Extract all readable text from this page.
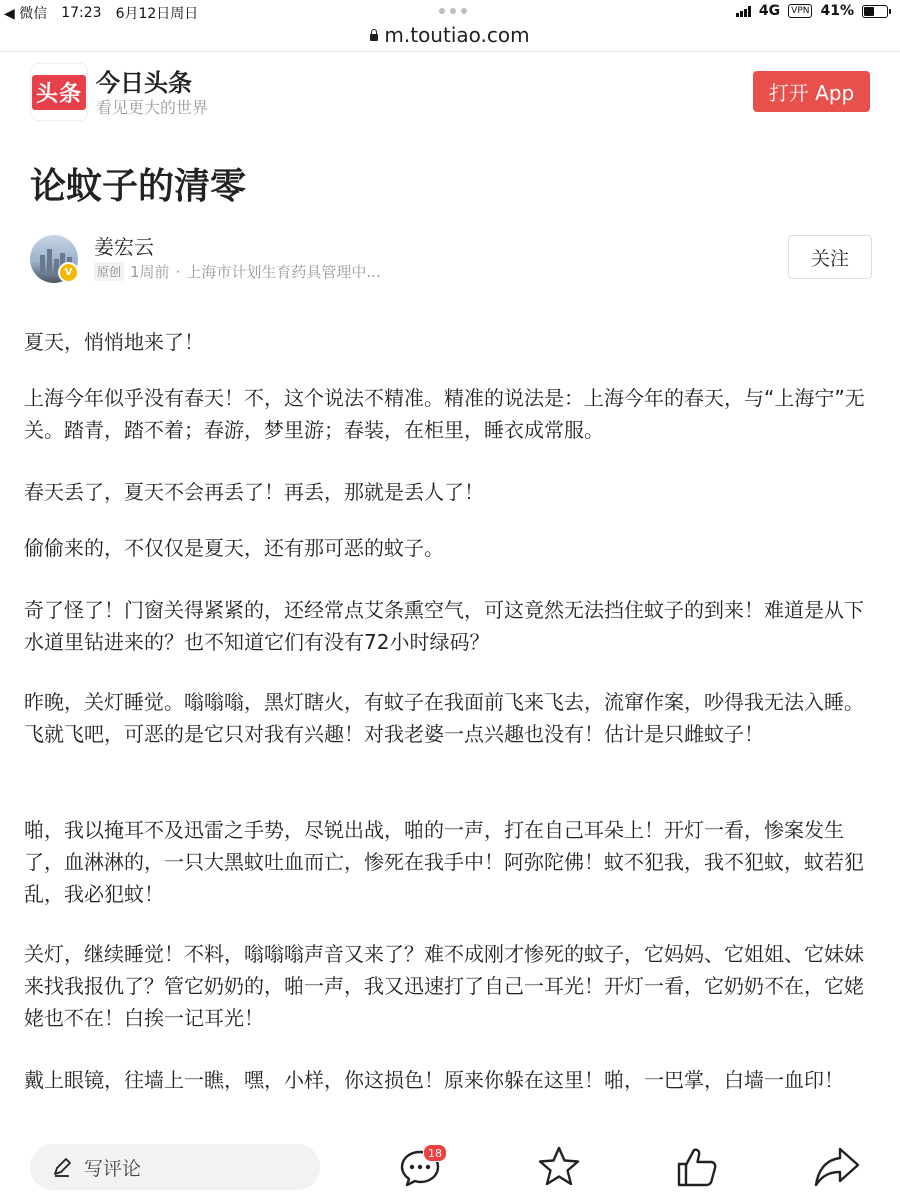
◀ 微信 17:23 6月12日周日	4G	VPN 41%
m.toutiao.com
头条 今日头条
看见更大的世界
打开 App
论蚊子的清零
V
姜宏云
原创 1周前 · 上海市计划生育药具管理中...
关注

夏天，悄悄地来了！

上海今年似乎没有春天！不，这个说法不精准。精准的说法是：上海今年的春天，与“上海宁”无关。踏青，踏不着；春游，梦里游；春装，在柜里，睡衣成常服。

春天丢了，夏天不会再丢了！再丢，那就是丢人了！

偷偷来的，不仅仅是夏天，还有那可恶的蚊子。

奇了怪了！门窗关得紧紧的，还经常点艾条熏空气，可这竟然无法挡住蚊子的到来！难道是从下水道里钻进来的？也不知道它们有没有72小时绿码？

昨晚，关灯睡觉。嗡嗡嗡，黑灯瞎火，有蚊子在我面前飞来飞去，流窜作案，吵得我无法入睡。飞就飞吧，可恶的是它只对我有兴趣！对我老婆一点兴趣也没有！估计是只雌蚊子！

啪，我以掩耳不及迅雷之手势，尽锐出战，啪的一声，打在自己耳朵上！开灯一看，惨案发生了，血淋淋的，一只大黑蚊吐血而亡，惨死在我手中！阿弥陀佛！蚊不犯我，我不犯蚊，蚊若犯乱，我必犯蚊！

关灯，继续睡觉！不料，嗡嗡嗡声音又来了？难不成刚才惨死的蚊子，它妈妈、它姐姐、它妹妹来找我报仇了？管它奶奶的，啪一声，我又迅速打了自己一耳光！开灯一看，它奶奶不在，它姥姥也不在！白挨一记耳光！

戴上眼镜，往墙上一瞧，嘿，小样，你这损色！原来你躲在这里！啪，一巴掌，白墙一血印！

写评论
18
